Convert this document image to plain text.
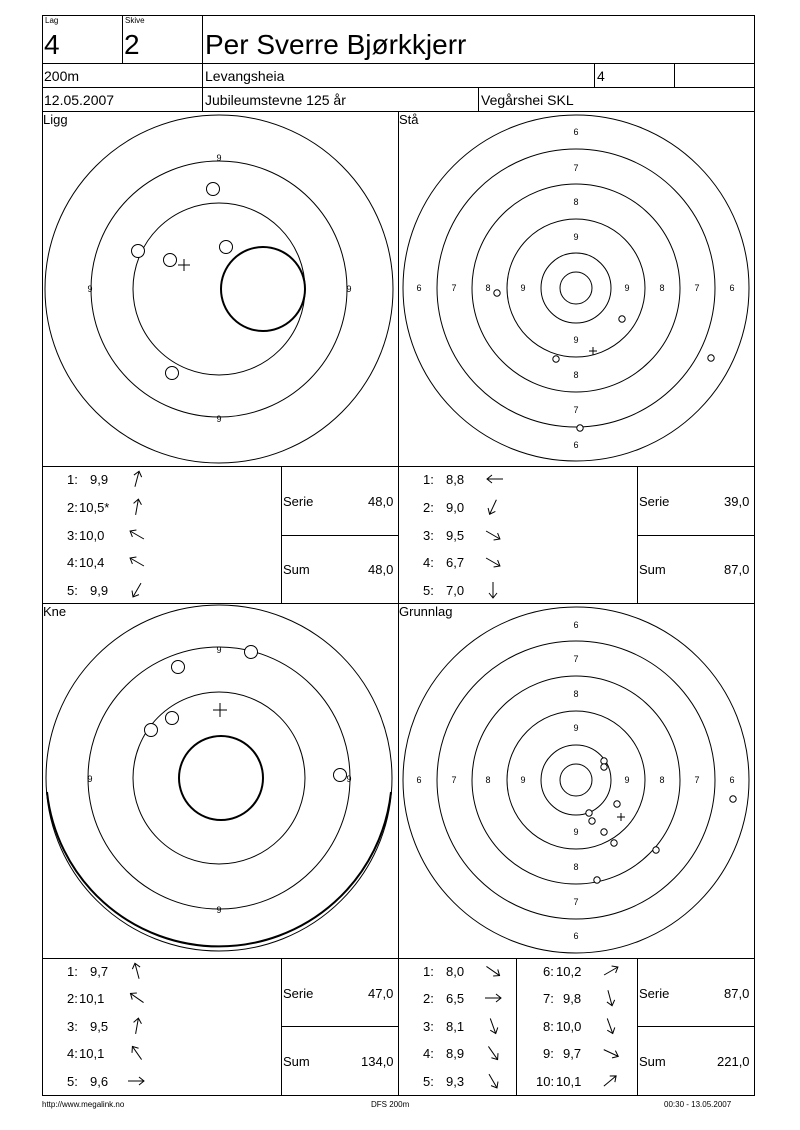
Lag
4
Skive
2 Per Sverre Bjørkkjerr
200m	Levangsheia	4
12.05.2007	Jubileumstevne 125 år	Vegårshei SKL
Ligg	Stå
Kne	Grunnlag
9
9
9	9
6
7
8
9
9
8
7
6
6	7	8	9	9	8	7	6
9
9
9	9
6
7
8
9
9
8
7
6
6	7	8	9	9	8	7	6
1: 9,9
2: 10,5*
3: 10,0
4: 10,4
5: 9,9
Serie	48,0
Sum	48,0
1: 8,8
2: 9,0
3: 9,5
4: 6,7
5: 7,0
Serie	39,0
Sum	87,0
1: 9,7
2: 10,1
3: 9,5
4: 10,1
5: 9,6
Serie	47,0
Sum	134,0
1: 8,0
2: 6,5
3: 8,1
4: 8,9
5: 9,3
6: 10,2
7: 9,8
8: 10,0
9: 9,7
10: 10,1
Serie	87,0
Sum	221,0
http://www.megalink.no	DFS 200m	00:30 - 13.05.2007
